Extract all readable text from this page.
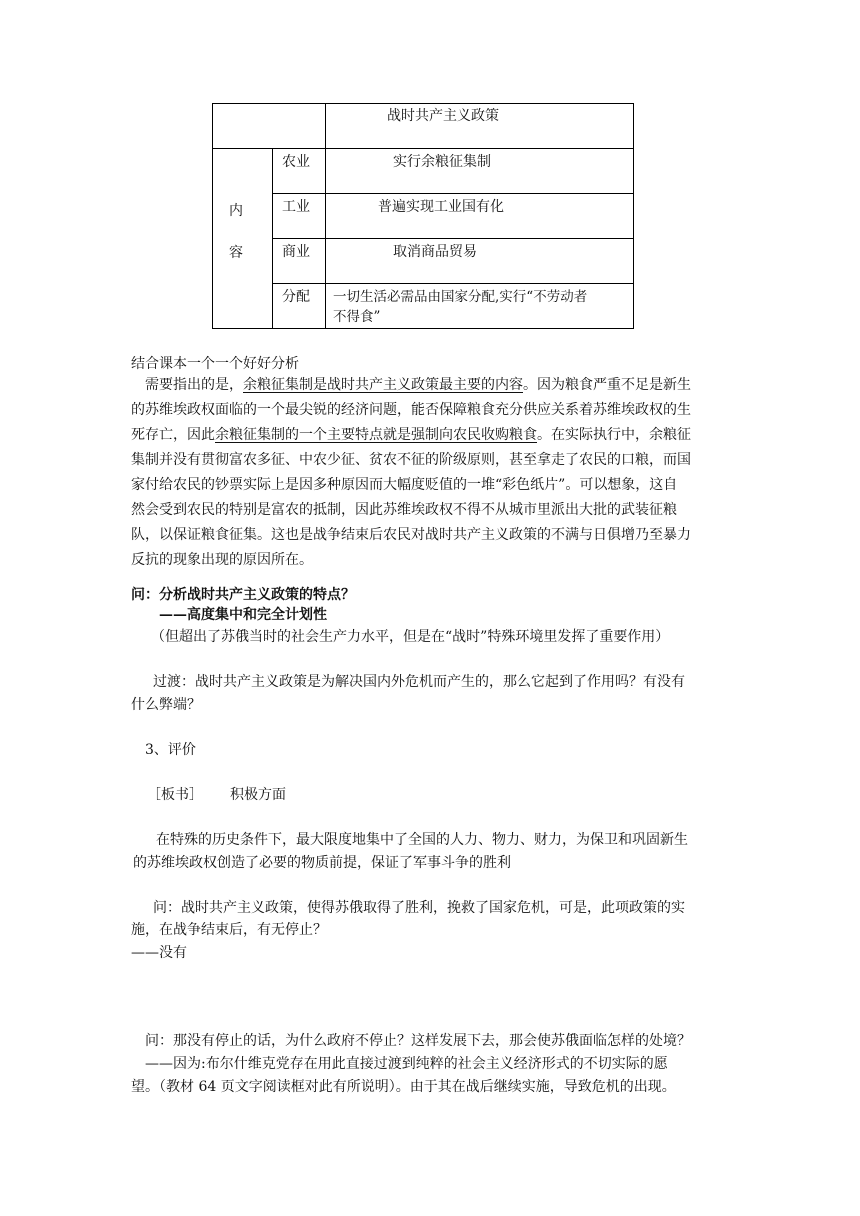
战时共产主义政策
内
容
农业	实行余粮征集制
工业	普遍实现工业国有化
商业	取消商品贸易
分配 一切生活必需品由国家分配,实行“不劳动者
不得食”
结合课本一个一个好好分析
需要指出的是，余粮征集制是战时共产主义政策最主要的内容。因为粮食严重不足是新生
的苏维埃政权面临的一个最尖锐的经济问题，能否保障粮食充分供应关系着苏维埃政权的生
死存亡，因此余粮征集制的一个主要特点就是强制向农民收购粮食。在实际执行中，余粮征
集制并没有贯彻富农多征、中农少征、贫农不征的阶级原则，甚至拿走了农民的口粮，而国
家付给农民的钞票实际上是因多种原因而大幅度贬值的一堆“彩色纸片”。可以想象，这自
然会受到农民的特别是富农的抵制，因此苏维埃政权不得不从城市里派出大批的武装征粮
队，以保证粮食征集。这也是战争结束后农民对战时共产主义政策的不满与日俱增乃至暴力
反抗的现象出现的原因所在。
问：分析战时共产主义政策的特点？
——高度集中和完全计划性
（但超出了苏俄当时的社会生产力水平，但是在“战时”特殊环境里发挥了重要作用）
过渡：战时共产主义政策是为解决国内外危机而产生的，那么它起到了作用吗？有没有
什么弊端？
3、评价
［板书］ 积极方面
在特殊的历史条件下，最大限度地集中了全国的人力、物力、财力，为保卫和巩固新生
的苏维埃政权创造了必要的物质前提，保证了军事斗争的胜利
问：战时共产主义政策，使得苏俄取得了胜利，挽救了国家危机，可是，此项政策的实
施，在战争结束后，有无停止？
——没有
问：那没有停止的话，为什么政府不停止？这样发展下去，那会使苏俄面临怎样的处境？
——因为:布尔什维克党存在用此直接过渡到纯粹的社会主义经济形式的不切实际的愿
望。（教材 64 页文字阅读框对此有所说明）。由于其在战后继续实施，导致危机的出现。
